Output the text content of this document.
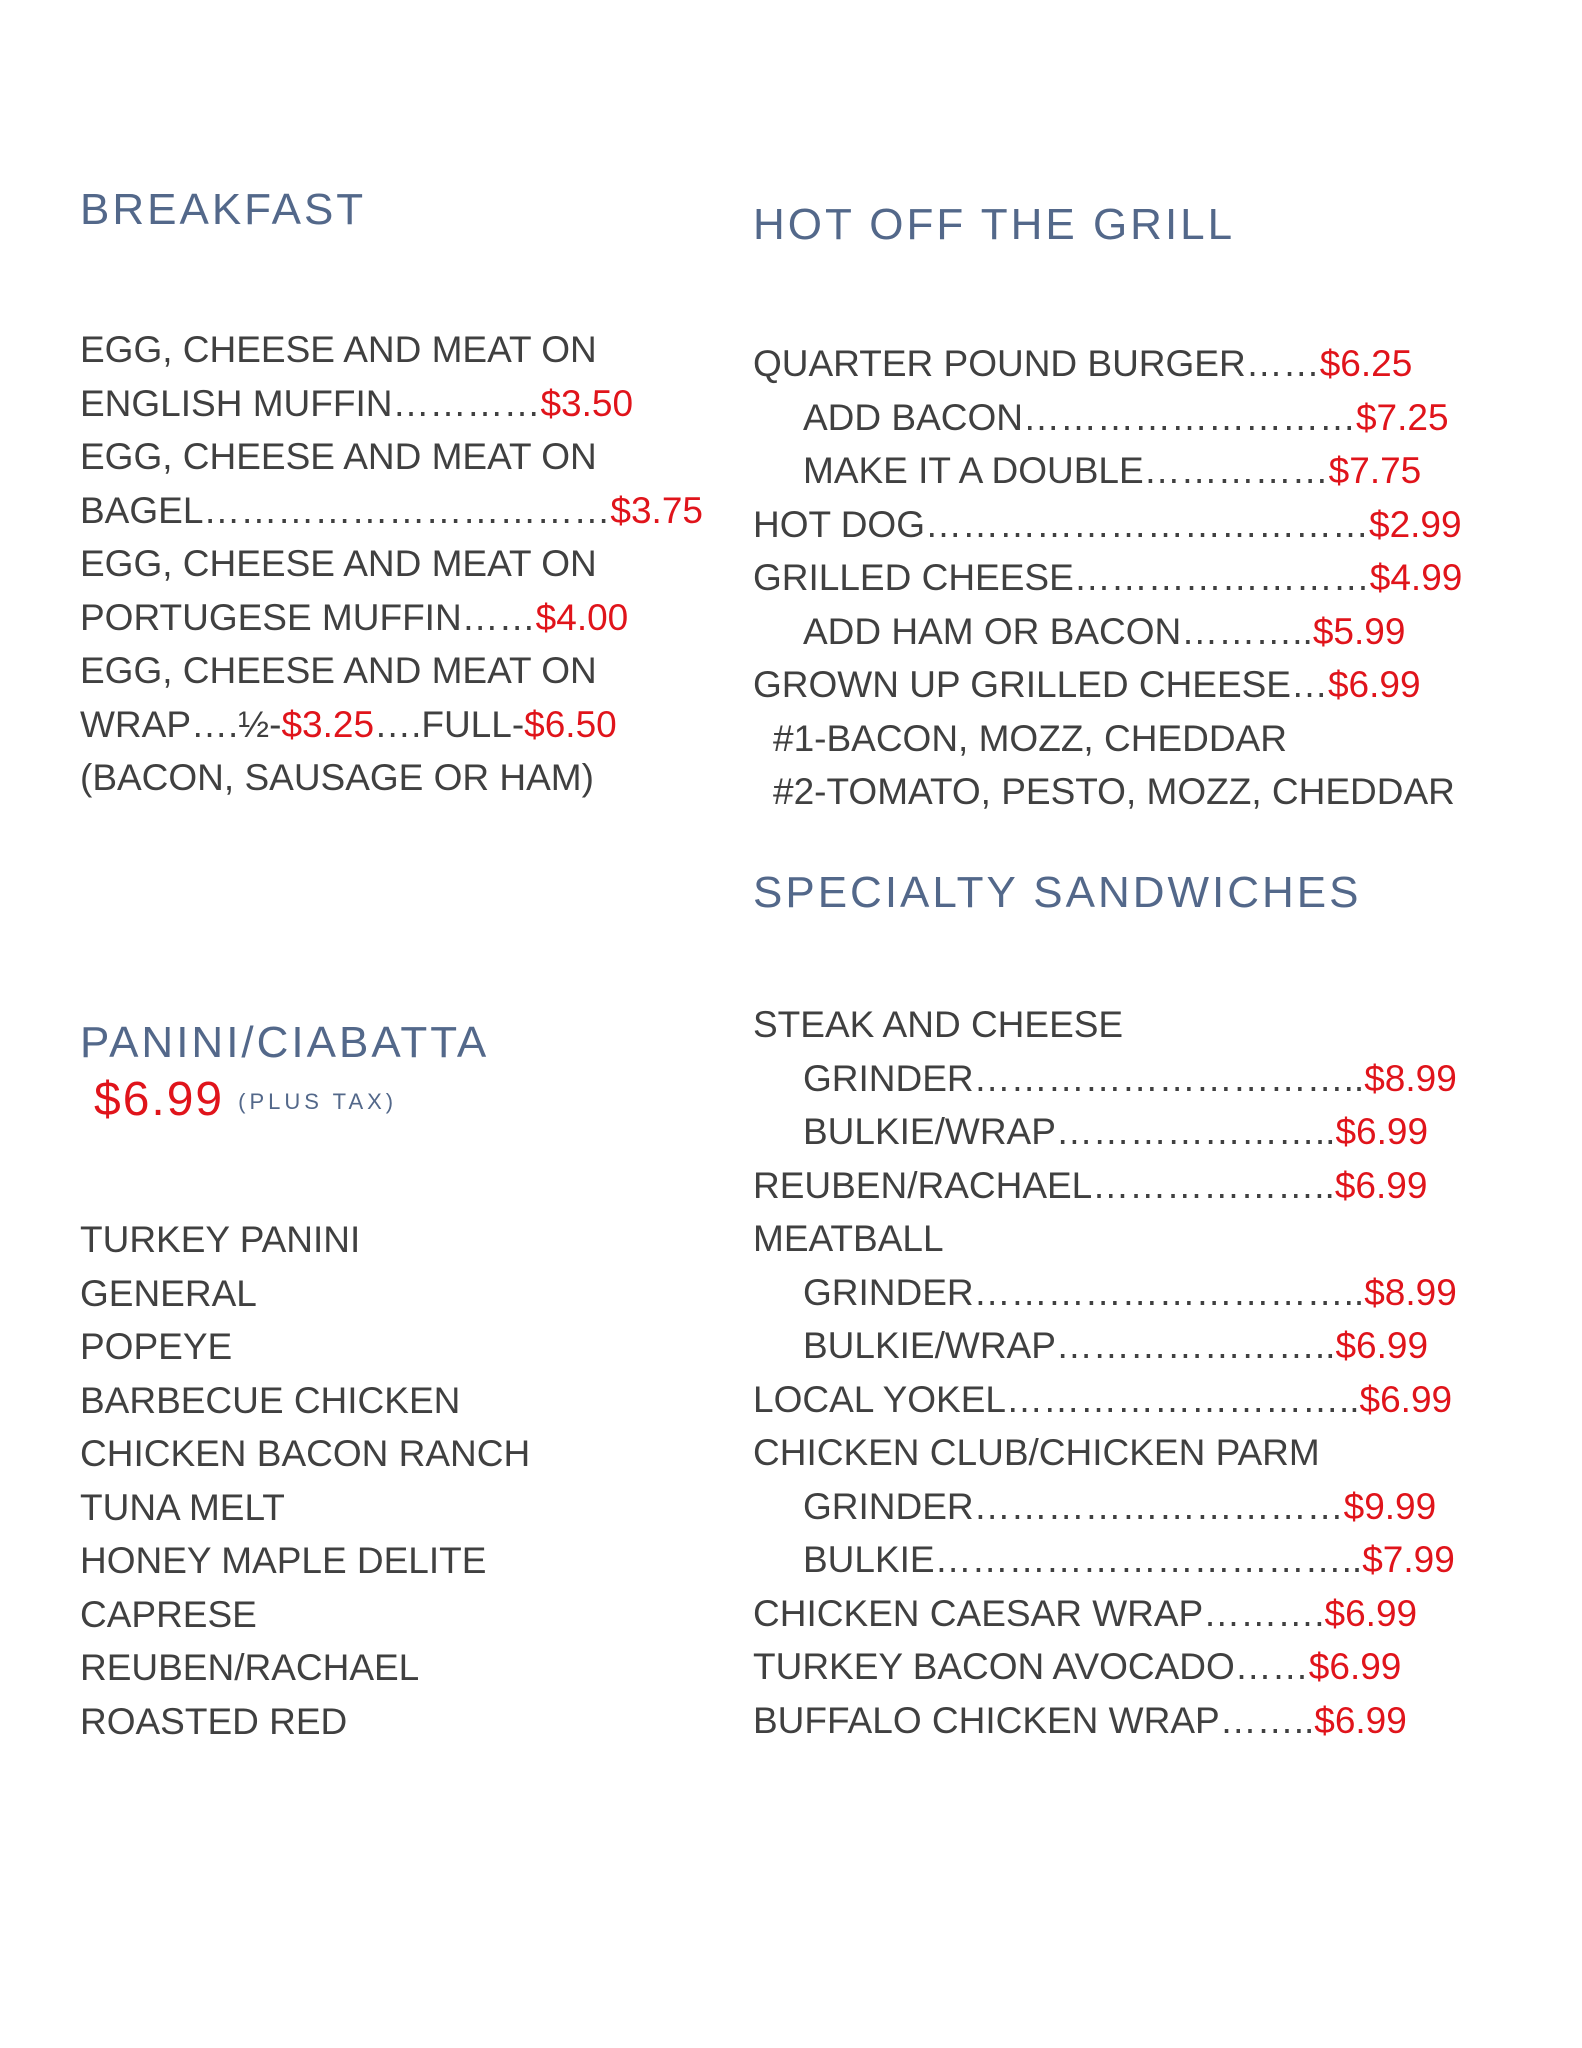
BREAKFAST
EGG, CHEESE AND MEAT ON
ENGLISH MUFFIN…………$3.50
EGG, CHEESE AND MEAT ON
BAGEL……………………………$3.75
EGG, CHEESE AND MEAT ON
PORTUGESE MUFFIN……$4.00
EGG, CHEESE AND MEAT ON
WRAP….½-$3.25….FULL-$6.50
(BACON, SAUSAGE OR HAM)
HOT OFF THE GRILL
QUARTER POUND BURGER……$6.25
ADD BACON………………………$7.25
MAKE IT A DOUBLE……………$7.75
HOT DOG………………………………$2.99
GRILLED CHEESE……………………$4.99
ADD HAM OR BACON………..$5.99
GROWN UP GRILLED CHEESE…$6.99
#1-BACON, MOZZ, CHEDDAR
#2-TOMATO, PESTO, MOZZ, CHEDDAR
SPECIALTY SANDWICHES
STEAK AND CHEESE
GRINDER…………………………..$8.99
BULKIE/WRAP…………………..$6.99
REUBEN/RACHAEL………………..$6.99
MEATBALL
GRINDER…………………………..$8.99
BULKIE/WRAP…………………..$6.99
LOCAL YOKEL………………………..$6.99
CHICKEN CLUB/CHICKEN PARM
GRINDER…………………………$9.99
BULKIE……………………………..$7.99
CHICKEN CAESAR WRAP……….$6.99
TURKEY BACON AVOCADO……$6.99
BUFFALO CHICKEN WRAP……..$6.99
PANINI/CIABATTA
$6.99 (PLUS TAX)
TURKEY PANINI
GENERAL
POPEYE
BARBECUE CHICKEN
CHICKEN BACON RANCH
TUNA MELT
HONEY MAPLE DELITE
CAPRESE
REUBEN/RACHAEL
ROASTED RED
